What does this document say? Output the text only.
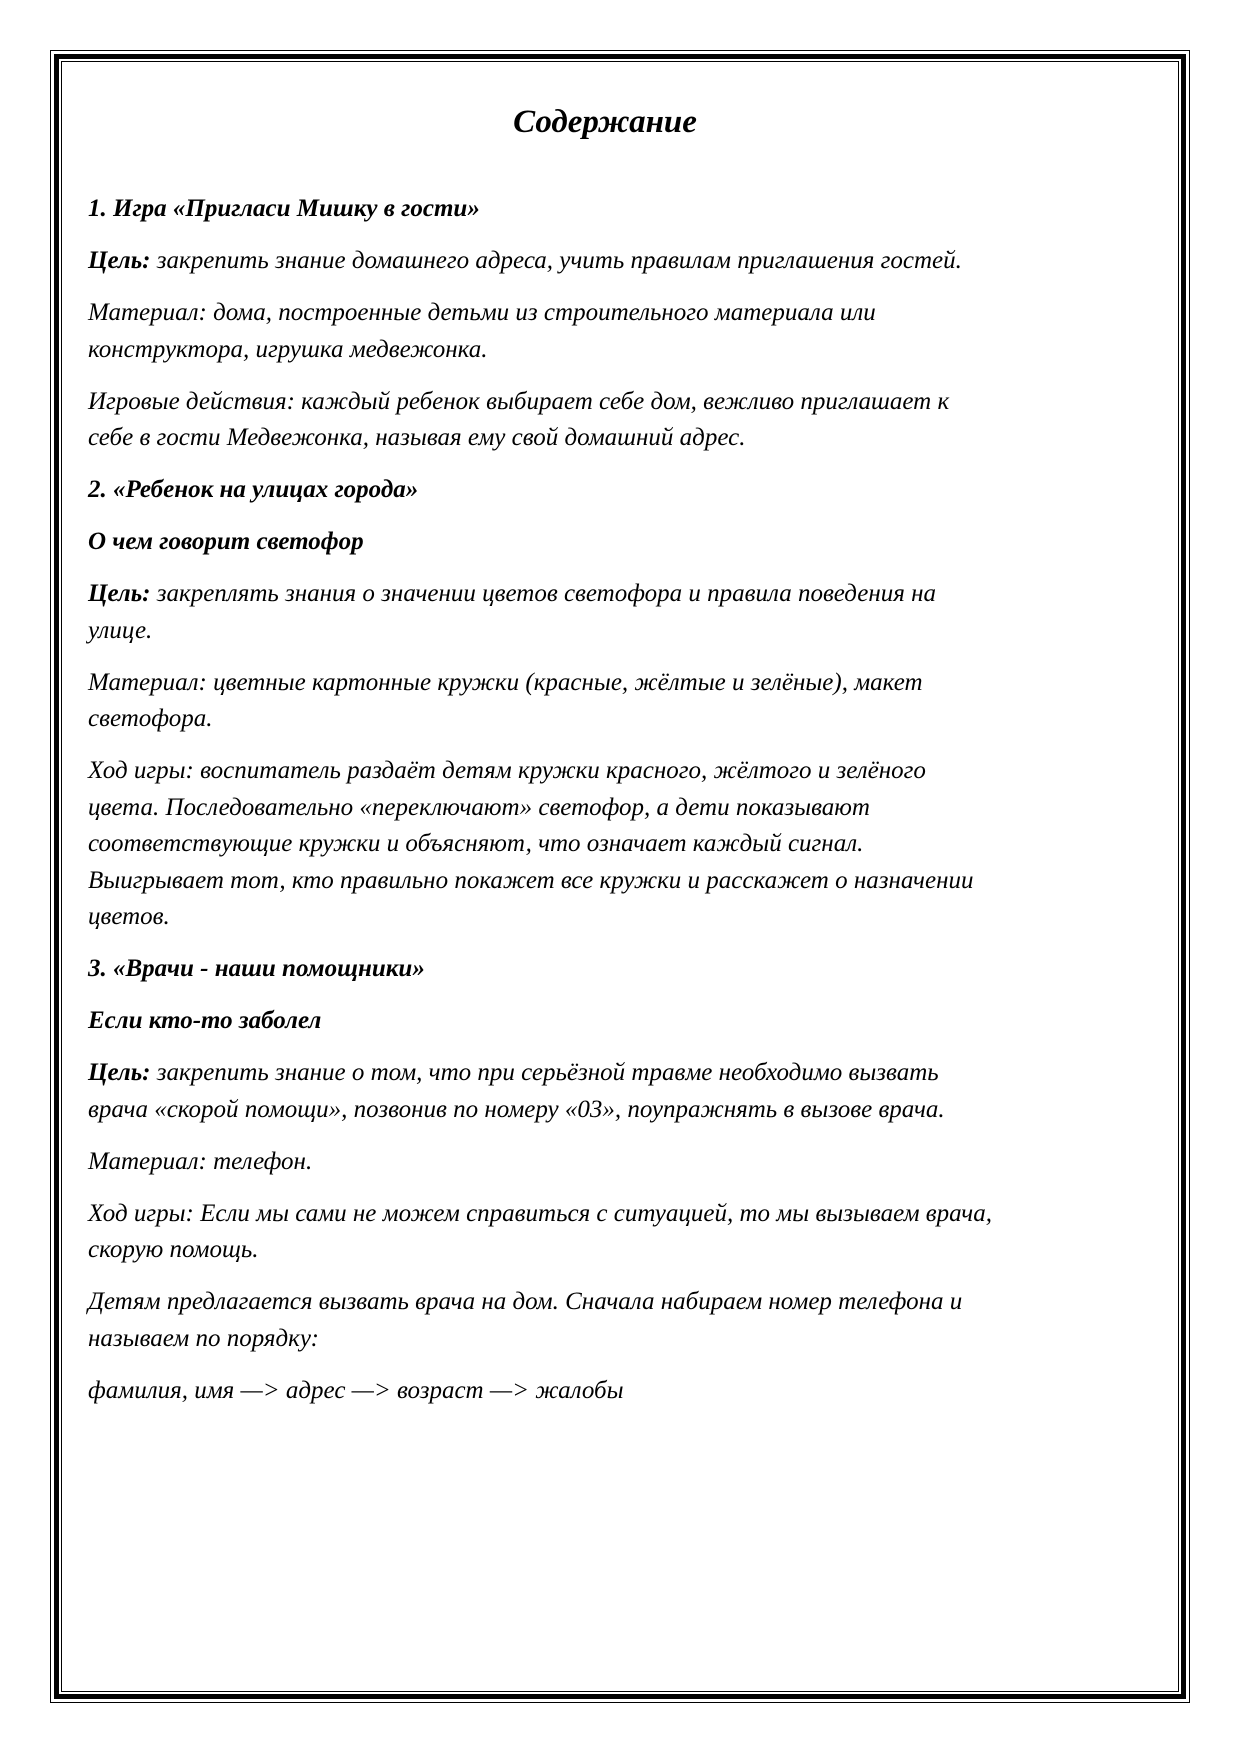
Содержание

1. Игра «Пригласи Мишку в гости»

Цель: закрепить знание домашнего адреса, учить правилам приглашения гостей.

Материал: дома, построенные детьми из строительного материала или
конструктора, игрушка медвежонка.

Игровые действия: каждый ребенок выбирает себе дом, вежливо приглашает к
себе в гости Медвежонка, называя ему свой домашний адрес.

2. «Ребенок на улицах города»

О чем говорит светофор

Цель: закреплять знания о значении цветов светофора и правила поведения на
улице.

Материал: цветные картонные кружки (красные, жёлтые и зелёные), макет
светофора.

Ход игры: воспитатель раздаёт детям кружки красного, жёлтого и зелёного
цвета. Последовательно «переключают» светофор, а дети показывают
соответствующие кружки и объясняют, что означает каждый сигнал.
Выигрывает тот, кто правильно покажет все кружки и расскажет о назначении
цветов.

3. «Врачи - наши помощники»

Если кто-то заболел

Цель: закрепить знание о том, что при серьёзной травме необходимо вызвать
врача «скорой помощи», позвонив по номеру «03», поупражнять в вызове врача.

Материал: телефон.

Ход игры: Если мы сами не можем справиться с ситуацией, то мы вызываем врача,
скорую помощь.

Детям предлагается вызвать врача на дом. Сначала набираем номер телефона и
называем по порядку:

фамилия, имя —> адрес —> возраст —> жалобы
